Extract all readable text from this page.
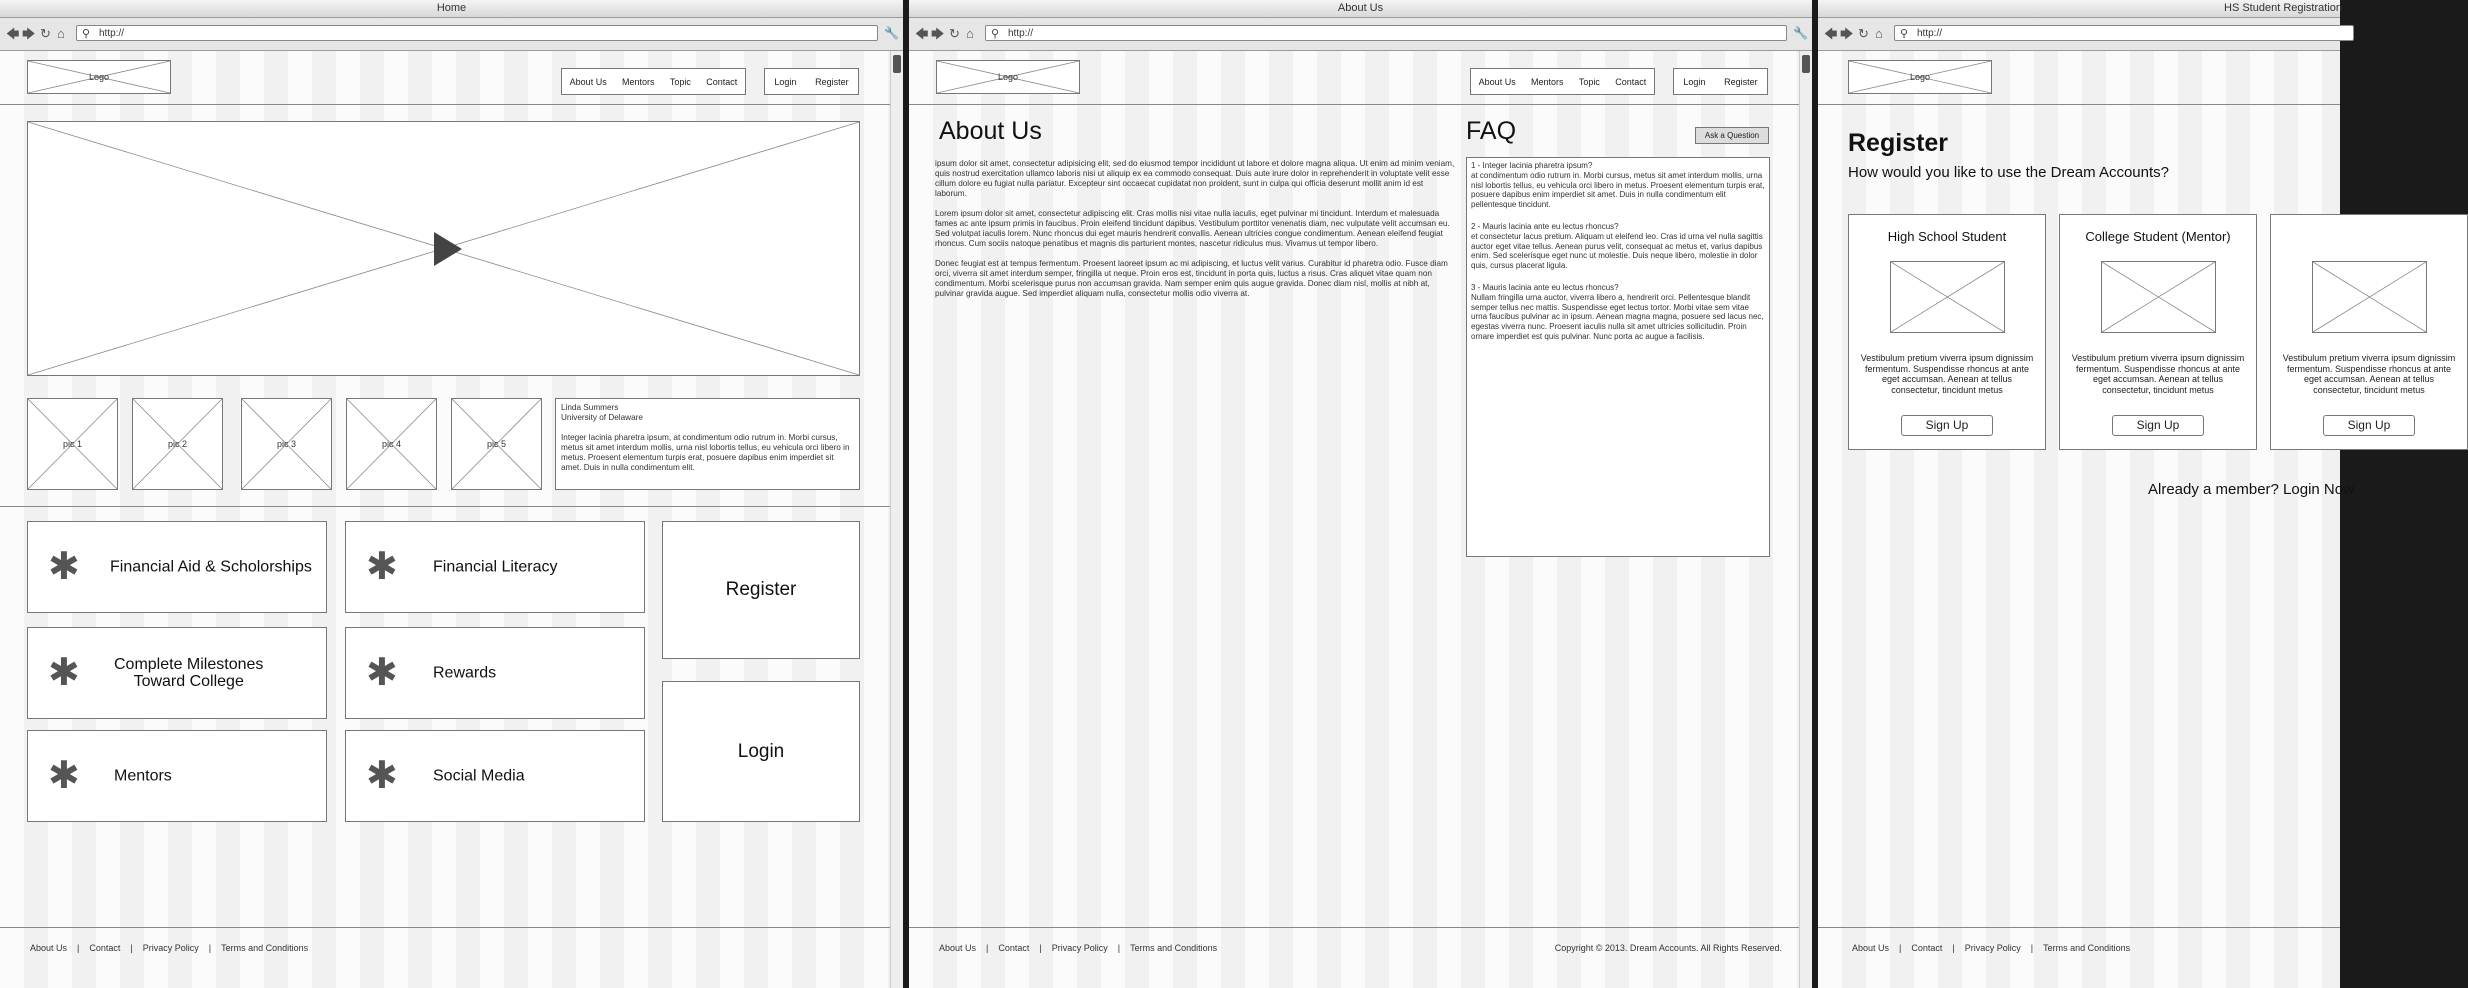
Home
🡄 🡆 ↻ ⌂ ⚲ http://	🔧
Logo	About Us Mentors Topic Contact	Login Register
pic 1	pic 2	pic 3	pic 4	pic 5
Linda Summers
University of Delaware
Integer lacinia pharetra ipsum, at condimentum odio rutrum in. Morbi cursus, metus sit amet interdum mollis, urna nisl lobortis tellus, eu vehicula orci libero in metus. Proesent elementum turpis erat, posuere dapibus enim imperdiet sit amet. Duis in nulla condimentum elit.
✱ Financial Aid & Scholorships ✱ Financial Literacy
✱ Complete Milestones
Toward College	✱ Rewards
✱ Mentors	✱ Social Media
Register
Login
About Us | Contact | Privacy Policy | Terms and Conditions
About Us
🡄 🡆 ↻ ⌂ ⚲ http://	🔧
Logo	About Us Mentors Topic Contact	Login Register
About Us

ipsum dolor sit amet, consectetur adipisicing elit, sed do eiusmod tempor incididunt ut labore et dolore magna aliqua. Ut enim ad minim veniam, quis nostrud exercitation ullamco laboris nisi ut aliquip ex ea commodo consequat. Duis aute irure dolor in reprehenderit in voluptate velit esse cillum dolore eu fugiat nulla pariatur. Excepteur sint occaecat cupidatat non proident, sunt in culpa qui officia deserunt mollit anim id est laborum.

Lorem ipsum dolor sit amet, consectetur adipiscing elit. Cras mollis nisi vitae nulla iaculis, eget pulvinar mi tincidunt. Interdum et malesuada fames ac ante ipsum primis in faucibus. Proin eleifend tincidunt dapibus. Vestibulum porttitor venenatis diam, nec vulputate velit accumsan eu. Sed volutpat iaculis lorem. Nunc rhoncus dui eget mauris hendrerit convallis. Aenean ultricies congue condimentum. Aenean eleifend feugiat rhoncus. Cum sociis natoque penatibus et magnis dis parturient montes, nascetur ridiculus mus. Vivamus ut tempor libero.

Donec feugiat est at tempus fermentum. Proesent laoreet ipsum ac mi adipiscing, et luctus velit varius. Curabitur id pharetra odio. Fusce diam orci, viverra sit amet interdum semper, fringilla ut neque. Proin eros est, tincidunt in porta quis, luctus a risus. Cras aliquet vitae quam non condimentum. Morbi scelerisque purus non accumsan gravida. Nam semper enim quis augue gravida. Donec diam nisl, mollis at nibh at, pulvinar gravida augue. Sed imperdiet aliquam nulla, consectetur mollis odio viverra at.

FAQ	Ask a Question
1 - Integer lacinia pharetra ipsum?
at condimentum odio rutrum in. Morbi cursus, metus sit amet interdum mollis, urna nisl lobortis tellus, eu vehicula orci libero in metus. Proesent elementum turpis erat, posuere dapibus enim imperdiet sit amet. Duis in nulla condimentum elit pellentesque tincidunt.
2 - Mauris lacinia ante eu lectus rhoncus?
et consectetur lacus pretium. Aliquam ut eleifend leo. Cras id urna vel nulla sagittis auctor eget vitae tellus. Aenean purus velit, consequat ac metus et, varius dapibus enim. Sed scelerisque eget nunc ut molestie. Duis neque libero, molestie in dolor quis, cursus placerat ligula.
3 - Mauris lacinia ante eu lectus rhoncus?
Nullam fringilla urna auctor, viverra libero a, hendrerit orci. Pellentesque blandit semper tellus nec mattis. Suspendisse eget lectus tortor. Morbi vitae sem vitae urna faucibus pulvinar ac in ipsum. Aenean magna magna, posuere sed lacus nec, egestas viverra nunc. Proesent iaculis nulla sit amet ultricies sollicitudin. Proin ornare imperdiet est quis pulvinar. Nunc porta ac augue a facilisis.
About Us | Contact | Privacy Policy | Terms and Conditions	Copyright © 2013. Dream Accounts. All Rights Reserved.
HS Student Registration
🡄 🡆 ↻ ⌂ ⚲ http://
Logo
Register
How would you like to use the Dream Accounts?
High School Student
Vestibulum pretium viverra ipsum dignissim fermentum. Suspendisse rhoncus at ante eget accumsan. Aenean at tellus consectetur, tincidunt metus
Sign Up
College Student (Mentor)
Vestibulum pretium viverra ipsum dignissim fermentum. Suspendisse rhoncus at ante eget accumsan. Aenean at tellus consectetur, tincidunt metus
Sign Up
Vestibulum pretium viverra ipsum dignissim fermentum. Suspendisse rhoncus at ante eget accumsan. Aenean at tellus consectetur, tincidunt metus
Sign Up
Already a member? Login Now
About Us | Contact | Privacy Policy | Terms and Conditions
